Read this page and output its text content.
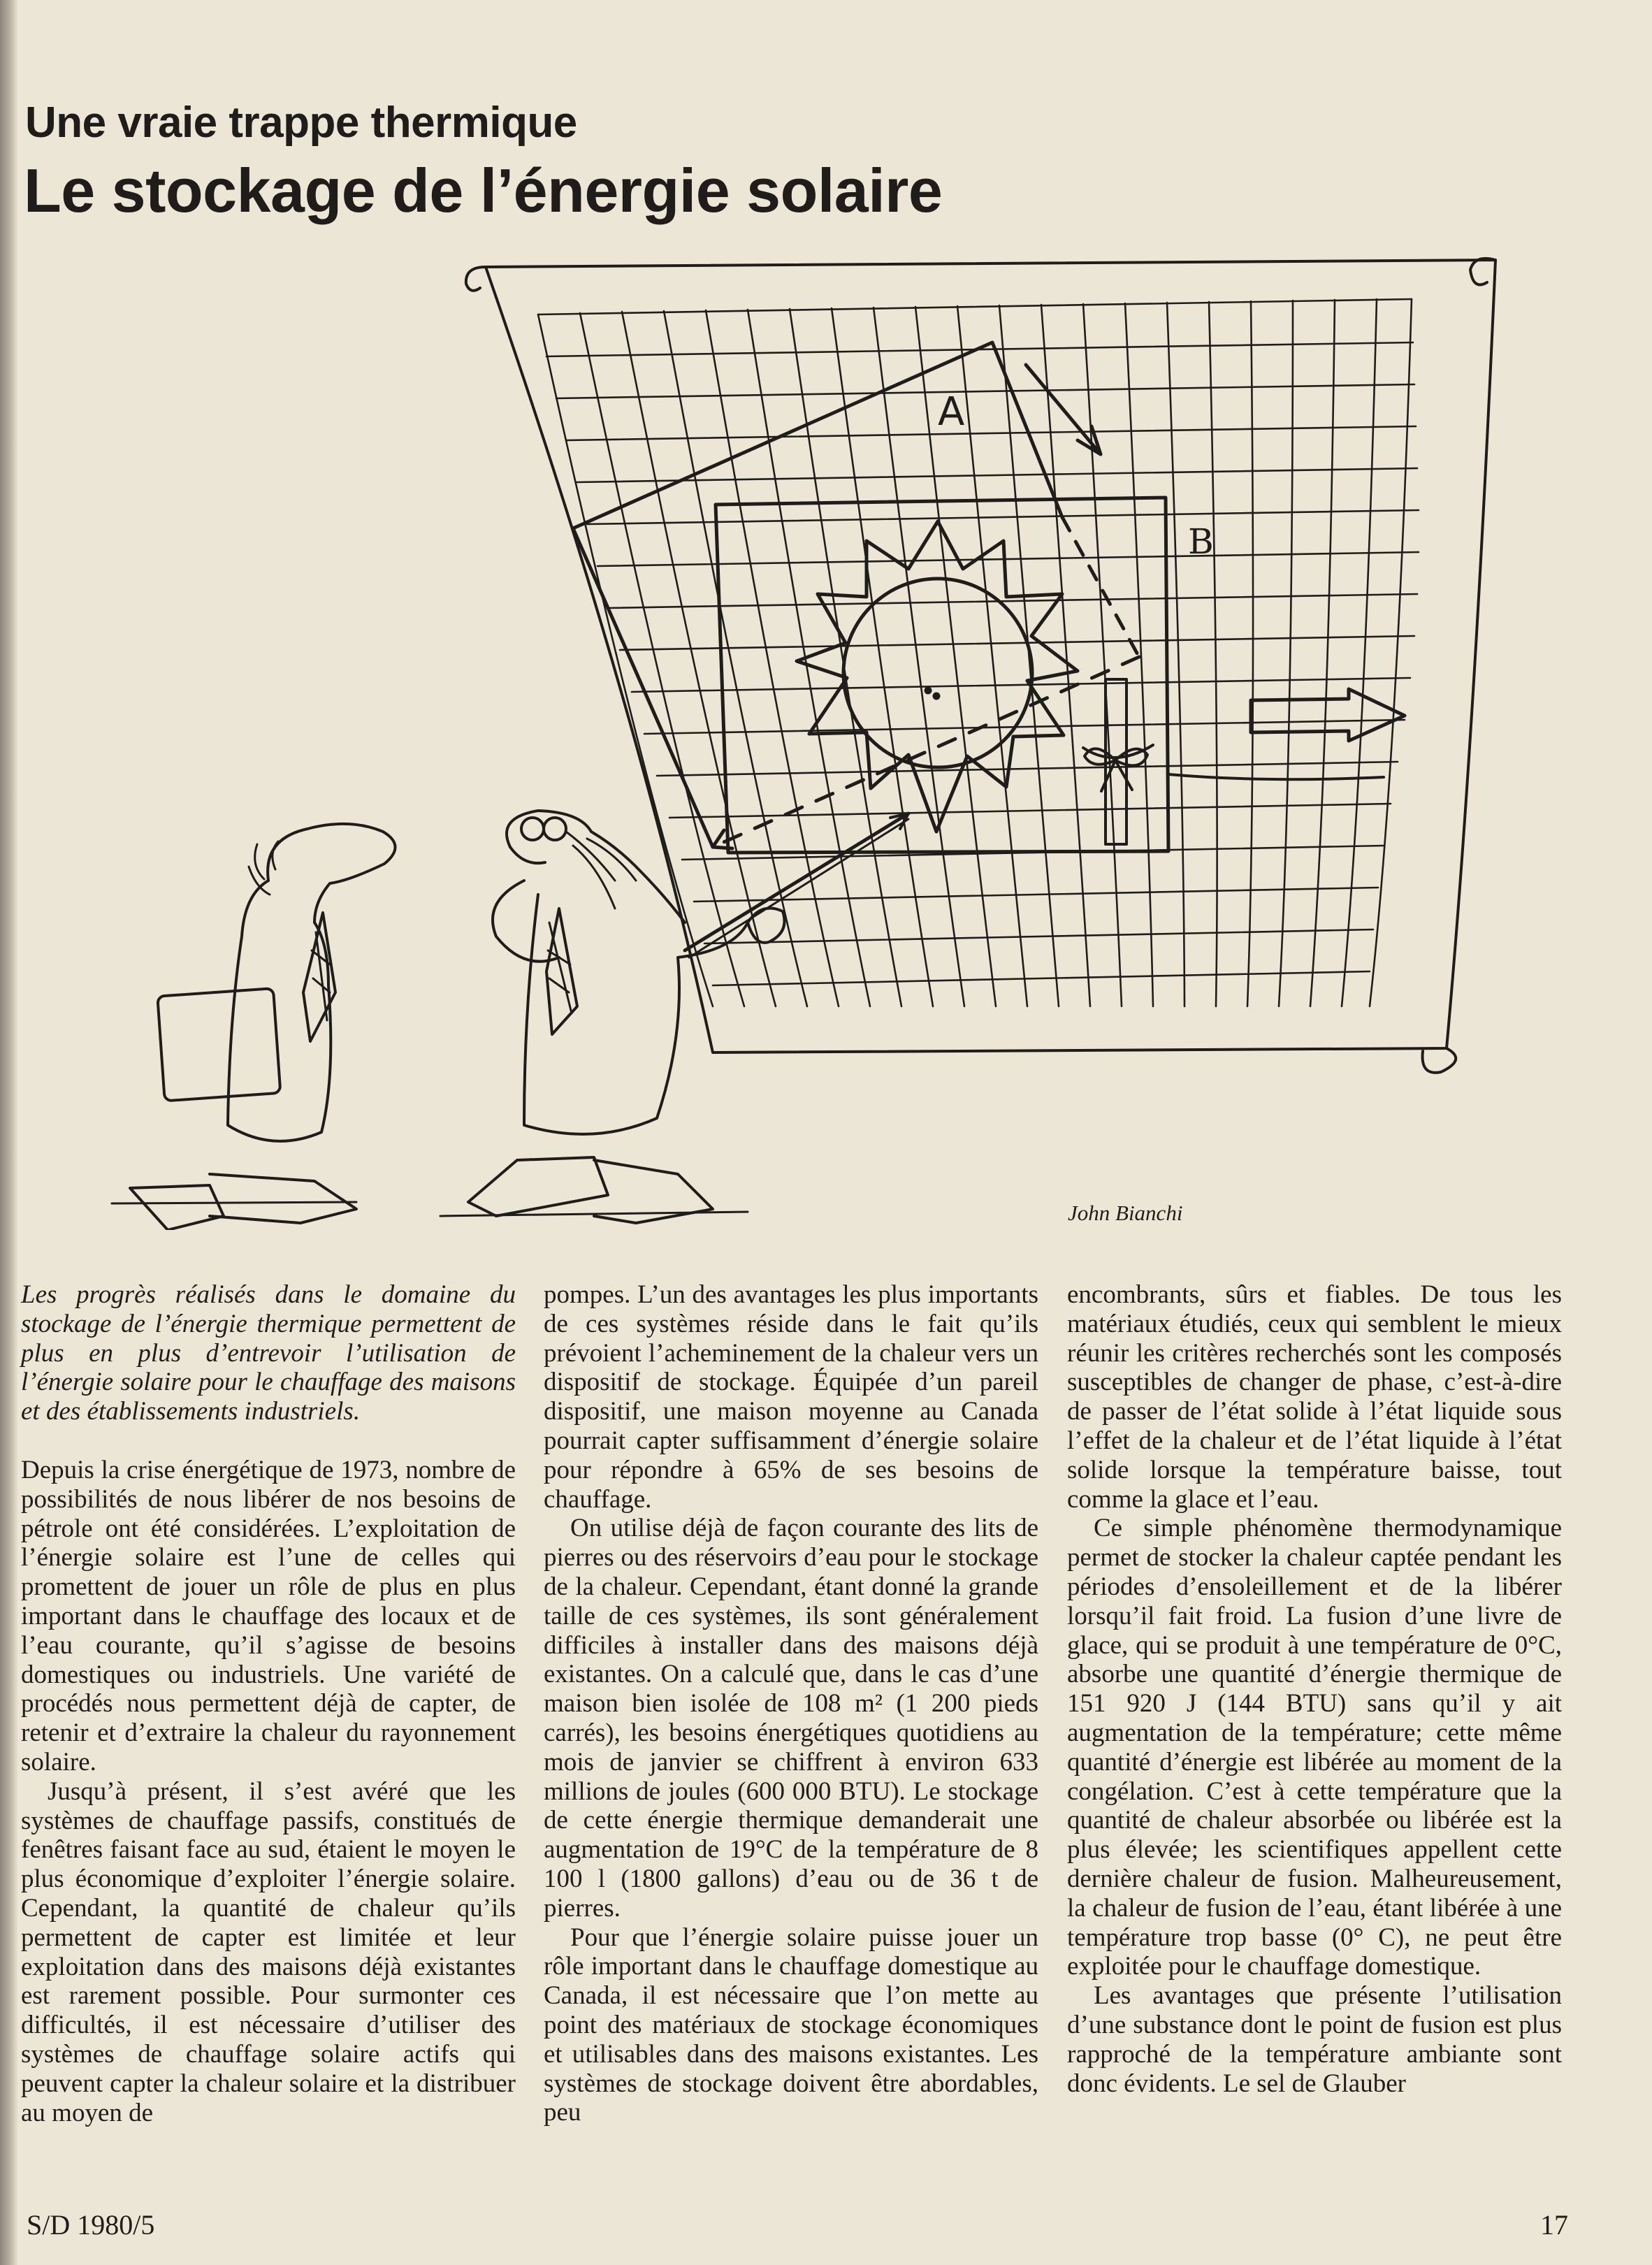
Une vraie trappe thermique
Le stockage de l’énergie solaire
A
B

John Bianchi

Les progrès réalisés dans le domaine du stockage de l’énergie thermique permettent de plus en plus d’entrevoir l’utilisation de l’énergie solaire pour le chauffage des maisons et des établissements industriels.

Depuis la crise énergétique de 1973, nombre de possibilités de nous libérer de nos besoins de pétrole ont été considérées. L’exploitation de l’énergie solaire est l’une de celles qui promettent de jouer un rôle de plus en plus important dans le chauffage des locaux et de l’eau courante, qu’il s’agisse de besoins domestiques ou industriels. Une variété de procédés nous permettent déjà de capter, de retenir et d’extraire la chaleur du rayonnement solaire.

Jusqu’à présent, il s’est avéré que les systèmes de chauffage passifs, constitués de fenêtres faisant face au sud, étaient le moyen le plus économique d’exploiter l’énergie solaire. Cependant, la quantité de chaleur qu’ils permettent de capter est limitée et leur exploitation dans des maisons déjà existantes est rarement possible. Pour surmonter ces difficultés, il est nécessaire d’utiliser des systèmes de chauffage solaire actifs qui peuvent capter la chaleur solaire et la distribuer au moyen de

pompes. L’un des avantages les plus importants de ces systèmes réside dans le fait qu’ils prévoient l’acheminement de la chaleur vers un dispositif de stockage. Équipée d’un pareil dispositif, une maison moyenne au Canada pourrait capter suffisamment d’énergie solaire pour répondre à 65% de ses besoins de chauffage.

On utilise déjà de façon courante des lits de pierres ou des réservoirs d’eau pour le stockage de la chaleur. Cependant, étant donné la grande taille de ces systèmes, ils sont généralement difficiles à installer dans des maisons déjà existantes. On a calculé que, dans le cas d’une maison bien isolée de 108 m² (1 200 pieds carrés), les besoins énergétiques quotidiens au mois de janvier se chiffrent à environ 633 millions de joules (600 000 BTU). Le stockage de cette énergie thermique demanderait une augmentation de 19°C de la température de 8 100 l (1800 gallons) d’eau ou de 36 t de pierres.

Pour que l’énergie solaire puisse jouer un rôle important dans le chauffage domestique au Canada, il est nécessaire que l’on mette au point des matériaux de stockage économiques et utilisables dans des maisons existantes. Les systèmes de stockage doivent être abordables, peu

encombrants, sûrs et fiables. De tous les matériaux étudiés, ceux qui semblent le mieux réunir les critères recherchés sont les composés susceptibles de changer de phase, c’est-à-dire de passer de l’état solide à l’état liquide sous l’effet de la chaleur et de l’état liquide à l’état solide lorsque la température baisse, tout comme la glace et l’eau.

Ce simple phénomène thermodynamique permet de stocker la chaleur captée pendant les périodes d’ensoleillement et de la libérer lorsqu’il fait froid. La fusion d’une livre de glace, qui se produit à une température de 0°C, absorbe une quantité d’énergie thermique de 151 920 J (144 BTU) sans qu’il y ait augmentation de la température; cette même quantité d’énergie est libérée au moment de la congélation. C’est à cette température que la quantité de chaleur absorbée ou libérée est la plus élevée; les scientifiques appellent cette dernière chaleur de fusion. Malheureusement, la chaleur de fusion de l’eau, étant libérée à une température trop basse (0° C), ne peut être exploitée pour le chauffage domestique.

Les avantages que présente l’utilisation d’une substance dont le point de fusion est plus rapproché de la température ambiante sont donc évidents. Le sel de Glauber

S/D 1980/5	17
